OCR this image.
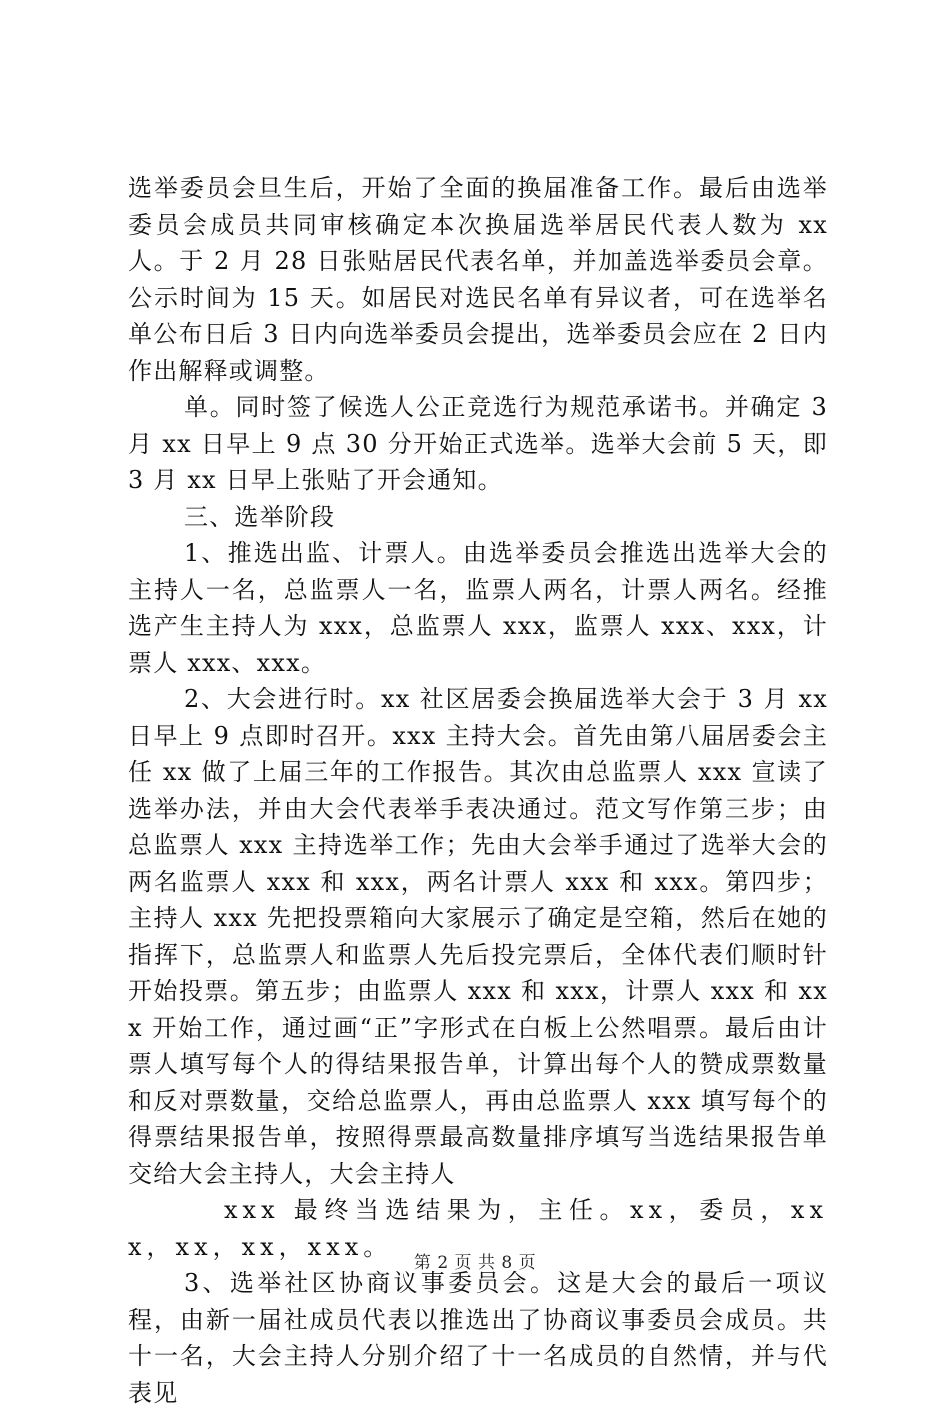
选举委员会旦生后，开始了全面的换届准备工作。最后由选举委员会成员共同审核确定本次换届选举居民代表人数为 xx 人。于 2 月 28 日张贴居民代表名单，并加盖选举委员会章。公示时间为 15 天。如居民对选民名单有异议者，可在选举名单公布日后 3 日内向选举委员会提出，选举委员会应在 2 日内作出解释或调整。

单。同时签了候选人公正竞选行为规范承诺书。并确定 3 月 xx 日早上 9 点 30 分开始正式选举。选举大会前 5 天，即 3 月 xx 日早上张贴了开会通知。

三、选举阶段

1、推选出监、计票人。由选举委员会推选出选举大会的主持人一名，总监票人一名，监票人两名，计票人两名。经推选产生主持人为 xxx，总监票人 xxx，监票人 xxx、xxx，计票人 xxx、xxx。

2、大会进行时。xx 社区居委会换届选举大会于 3 月 xx 日早上 9 点即时召开。xxx 主持大会。首先由第八届居委会主任 xx 做了上届三年的工作报告。其次由总监票人 xxx 宣读了选举办法，并由大会代表举手表决通过。范文写作第三步；由总监票人 xxx 主持选举工作；先由大会举手通过了选举大会的两名监票人 xxx 和 xxx，两名计票人 xxx 和 xxx。第四步；主持人 xxx 先把投票箱向大家展示了确定是空箱，然后在她的指挥下，总监票人和监票人先后投完票后，全体代表们顺时针开始投票。第五步；由监票人 xxx 和 xxx，计票人 xxx 和 xxx 开始工作，通过画“正”字形式在白板上公然唱票。最后由计票人填写每个人的得结果报告单，计算出每个人的赞成票数量和反对票数量，交给总监票人，再由总监票人 xxx 填写每个的得票结果报告单，按照得票最高数量排序填写当选结果报告单交给大会主持人，大会主持人

xxx 最终当选结果为，主任。xx，委员，xxx，xx，xx，xxx。

3、选举社区协商议事委员会。这是大会的最后一项议程，由新一届社成员代表以推选出了协商议事委员会成员。共十一名，大会主持人分别介绍了十一名成员的自然情，并与代表见

第 2 页 共 8 页
